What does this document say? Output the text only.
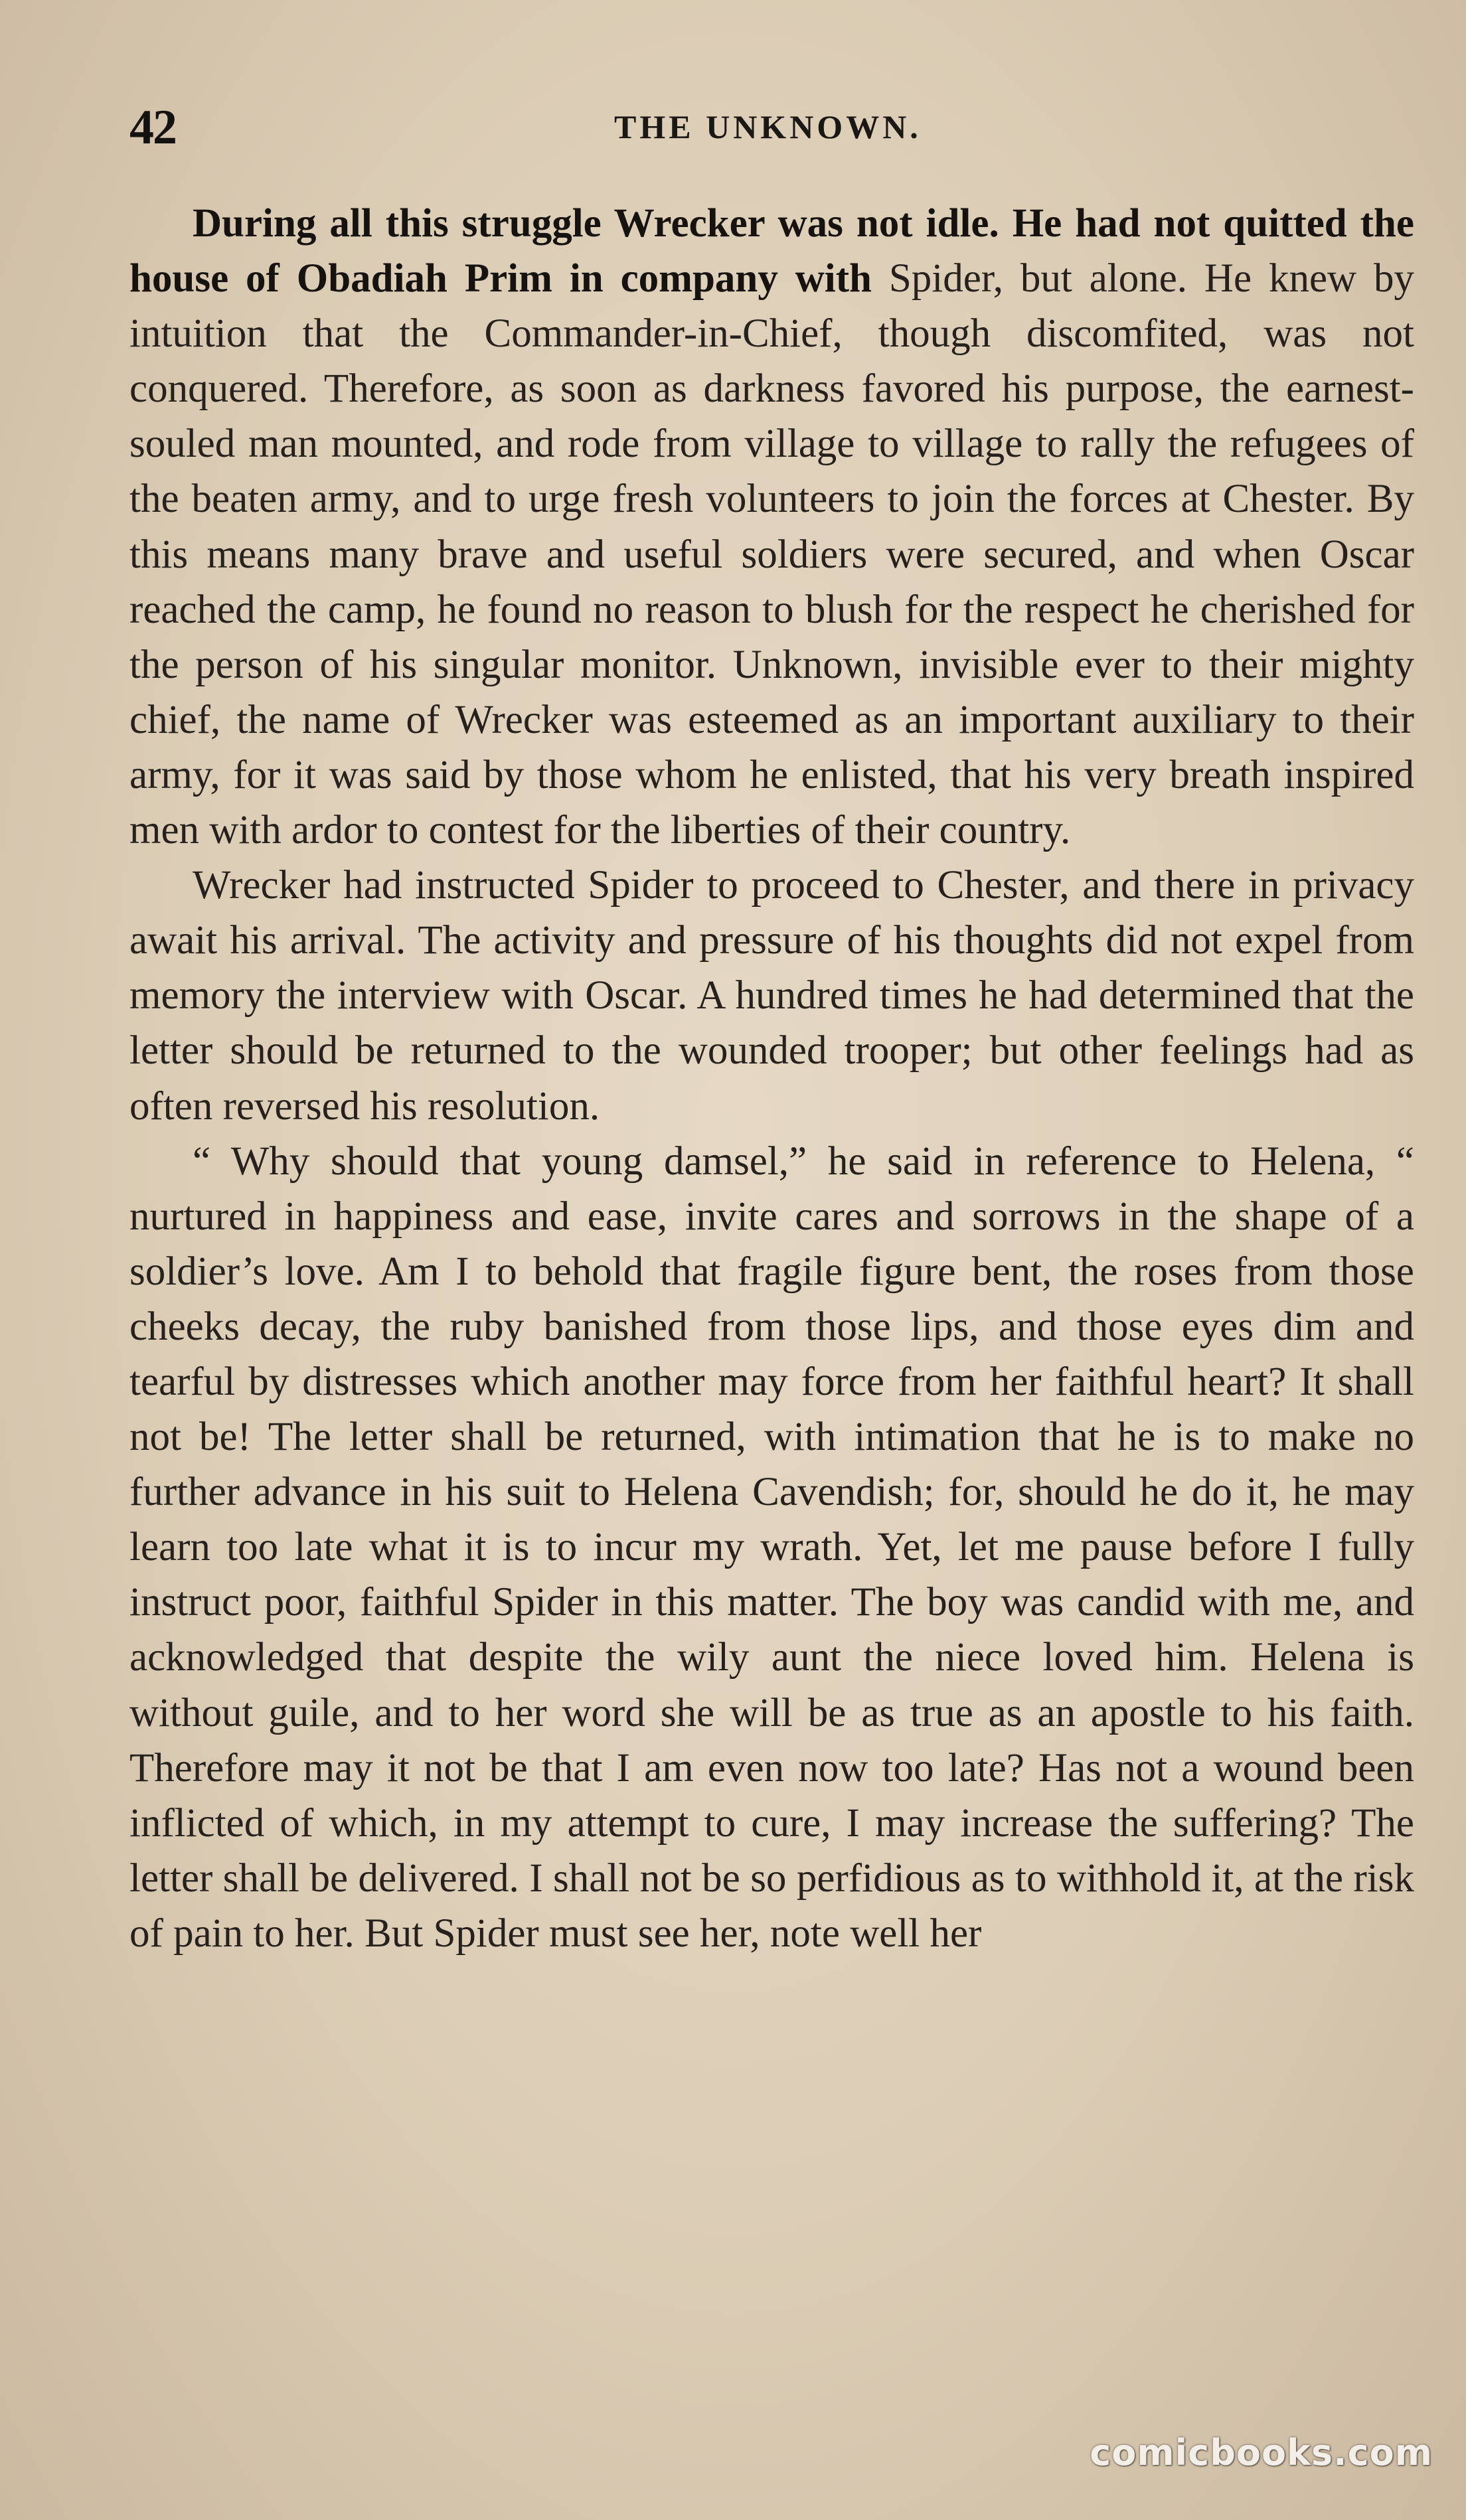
42	THE UNKNOWN.

During all this struggle Wrecker was not idle. He had not quitted the house of Obadiah Prim in company with Spider, but alone. He knew by intuition that the Commander-in-Chief, though discomfited, was not conquered. Therefore, as soon as darkness favored his purpose, the earnest-souled man mounted, and rode from village to village to rally the refugees of the beaten army, and to urge fresh volunteers to join the forces at Chester. By this means many brave and useful soldiers were secured, and when Oscar reached the camp, he found no reason to blush for the respect he cherished for the person of his singular monitor. Unknown, invisible ever to their mighty chief, the name of Wrecker was esteemed as an important auxiliary to their army, for it was said by those whom he enlisted, that his very breath inspired men with ardor to contest for the liberties of their country.

Wrecker had instructed Spider to proceed to Chester, and there in privacy await his arrival. The activity and pressure of his thoughts did not expel from memory the interview with Oscar. A hundred times he had determined that the letter should be returned to the wounded trooper; but other feelings had as often reversed his resolution.

“ Why should that young damsel,” he said in reference to Helena, “ nurtured in happiness and ease, invite cares and sorrows in the shape of a soldier’s love. Am I to behold that fragile figure bent, the roses from those cheeks decay, the ruby banished from those lips, and those eyes dim and tearful by distresses which another may force from her faithful heart? It shall not be! The letter shall be returned, with intimation that he is to make no further advance in his suit to Helena Cavendish; for, should he do it, he may learn too late what it is to incur my wrath. Yet, let me pause before I fully instruct poor, faithful Spider in this matter. The boy was candid with me, and acknowledged that despite the wily aunt the niece loved him. Helena is without guile, and to her word she will be as true as an apostle to his faith. Therefore may it not be that I am even now too late? Has not a wound been inflicted of which, in my attempt to cure, I may increase the suffering? The letter shall be delivered. I shall not be so perfidious as to withhold it, at the risk of pain to her. But Spider must see her, note well her

comicbooks.com
